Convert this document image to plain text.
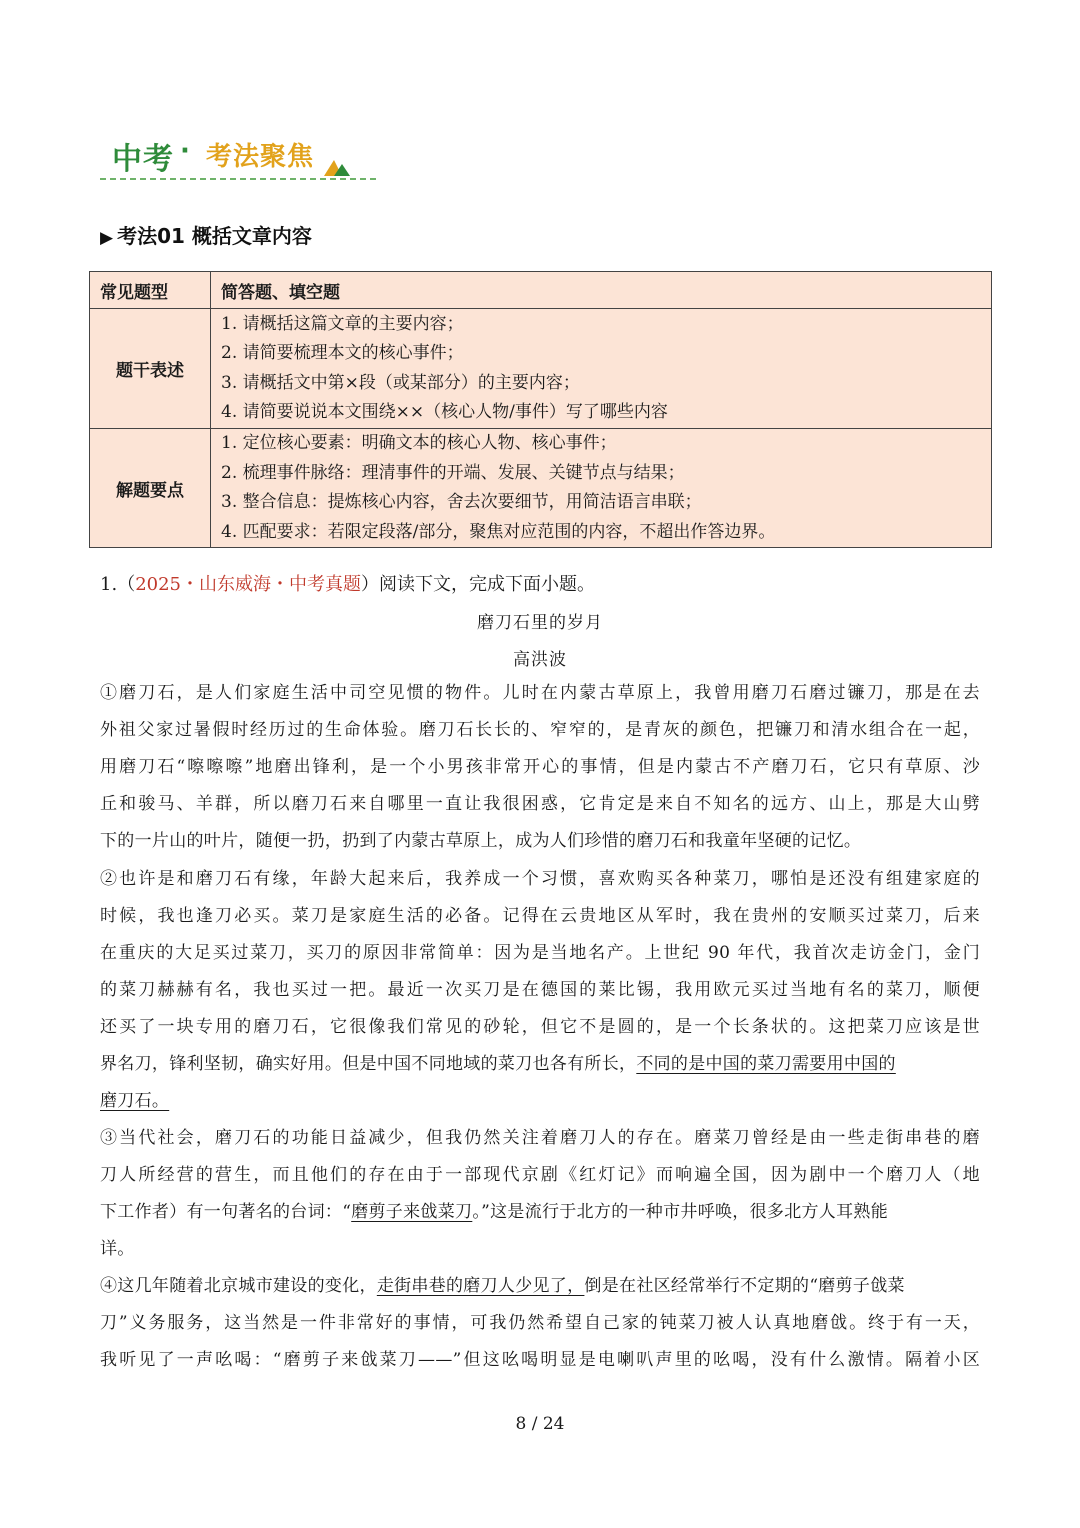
中考 · 考法聚焦
▶ 考法01 概括文章内容
常见题型	简答题、填空题
题干表述	1. 请概括这篇文章的主要内容；
2. 请简要梳理本文的核心事件；
3. 请概括文中第×段（或某部分）的主要内容；
4. 请简要说说本文围绕××（核心人物/事件）写了哪些内容

解题要点	1. 定位核心要素：明确文本的核心人物、核心事件；
2. 梳理事件脉络：理清事件的开端、发展、关键节点与结果；
3. 整合信息：提炼核心内容，舍去次要细节，用简洁语言串联；
4. 匹配要求：若限定段落/部分，聚焦对应范围的内容，不超出作答边界。
1.（2025・山东威海・中考真题）阅读下文，完成下面小题。
磨刀石里的岁月
高洪波
①磨刀石，是人们家庭生活中司空见惯的物件。儿时在内蒙古草原上，我曾用磨刀石磨过镰刀，那是在去
外祖父家过暑假时经历过的生命体验。磨刀石长长的、窄窄的，是青灰的颜色，把镰刀和清水组合在一起，
用磨刀石“嚓嚓嚓”地磨出锋利，是一个小男孩非常开心的事情，但是内蒙古不产磨刀石，它只有草原、沙
丘和骏马、羊群，所以磨刀石来自哪里一直让我很困惑，它肯定是来自不知名的远方、山上，那是大山劈
下的一片山的叶片，随便一扔，扔到了内蒙古草原上，成为人们珍惜的磨刀石和我童年坚硬的记忆。
②也许是和磨刀石有缘，年龄大起来后，我养成一个习惯，喜欢购买各种菜刀，哪怕是还没有组建家庭的
时候，我也逢刀必买。菜刀是家庭生活的必备。记得在云贵地区从军时，我在贵州的安顺买过菜刀，后来
在重庆的大足买过菜刀，买刀的原因非常简单：因为是当地名产。上世纪 90 年代，我首次走访金门，金门
的菜刀赫赫有名，我也买过一把。最近一次买刀是在德国的莱比锡，我用欧元买过当地有名的菜刀，顺便
还买了一块专用的磨刀石，它很像我们常见的砂轮，但它不是圆的，是一个长条状的。这把菜刀应该是世
界名刀，锋利坚韧，确实好用。但是中国不同地域的菜刀也各有所长，不同的是中国的菜刀需要用中国的
磨刀石。
③当代社会，磨刀石的功能日益减少，但我仍然关注着磨刀人的存在。磨菜刀曾经是由一些走街串巷的磨
刀人所经营的营生，而且他们的存在由于一部现代京剧《红灯记》而响遍全国，因为剧中一个磨刀人（地
下工作者）有一句著名的台词：“磨剪子来戗菜刀。”这是流行于北方的一种市井呼唤，很多北方人耳熟能
详。
④这几年随着北京城市建设的变化，走街串巷的磨刀人少见了，倒是在社区经常举行不定期的“磨剪子戗菜
刀”义务服务，这当然是一件非常好的事情，可我仍然希望自己家的钝菜刀被人认真地磨戗。终于有一天，
我听见了一声吆喝：“磨剪子来戗菜刀——”但这吆喝明显是电喇叭声里的吆喝，没有什么激情。隔着小区
8 / 24
